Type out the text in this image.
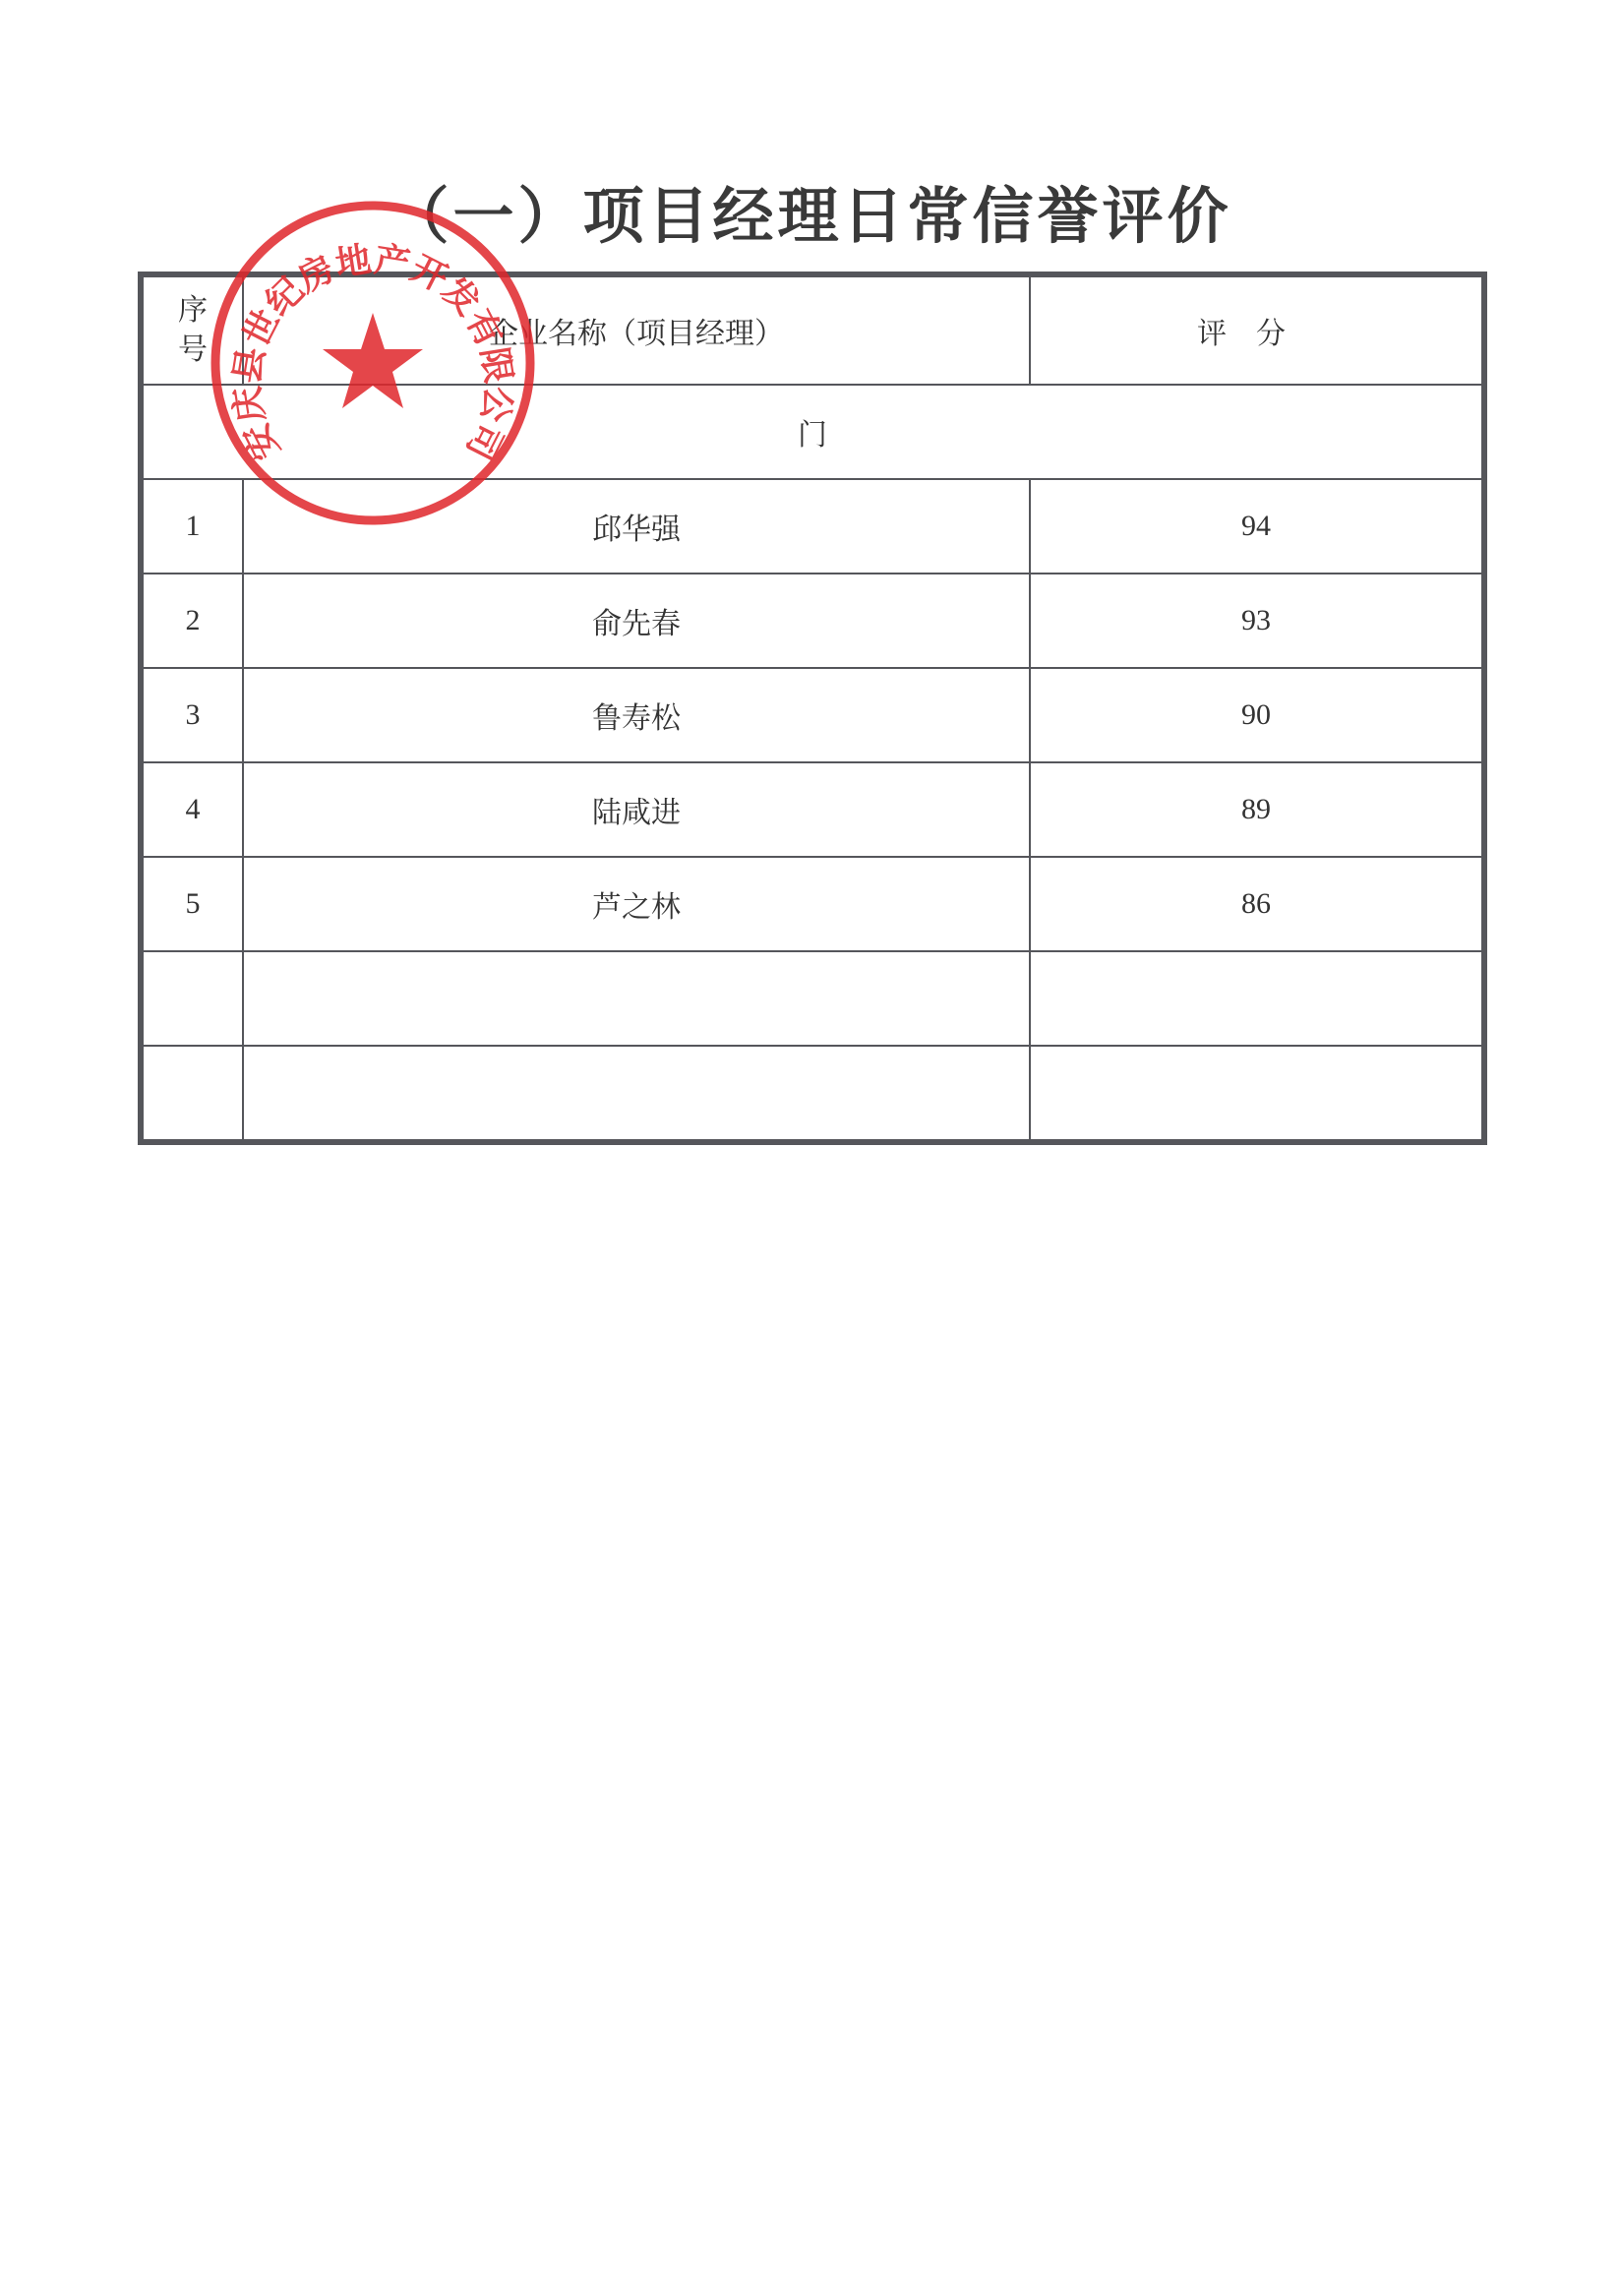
（一）项目经理日常信誉评价
序
号	企业名称（项目经理）	评分
门		
1	邱华强	94
2	俞先春	93
3	鲁寿松	90
4	陆咸进	89
5	芦之林	86

安庆县世纪房地产开发有限公司
